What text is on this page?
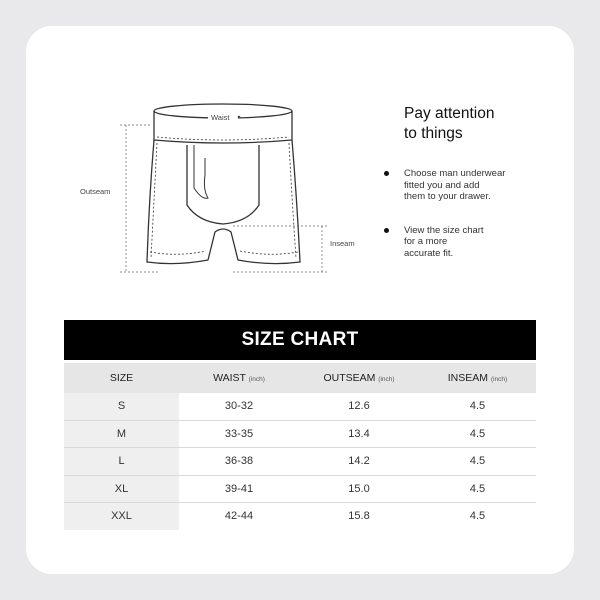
Waist
Outseam
Inseam
Pay attention
to things
Choose man underwear
fitted you and add
them to your drawer.
View the size chart
for a more
accurate fit.
SIZE CHART
SIZE	WAIST (inch)	OUTSEAM (inch)	INSEAM (inch)
S	30-32	12.6	4.5
M	33-35	13.4	4.5
L	36-38	14.2	4.5
XL	39-41	15.0	4.5
XXL	42-44	15.8	4.5
